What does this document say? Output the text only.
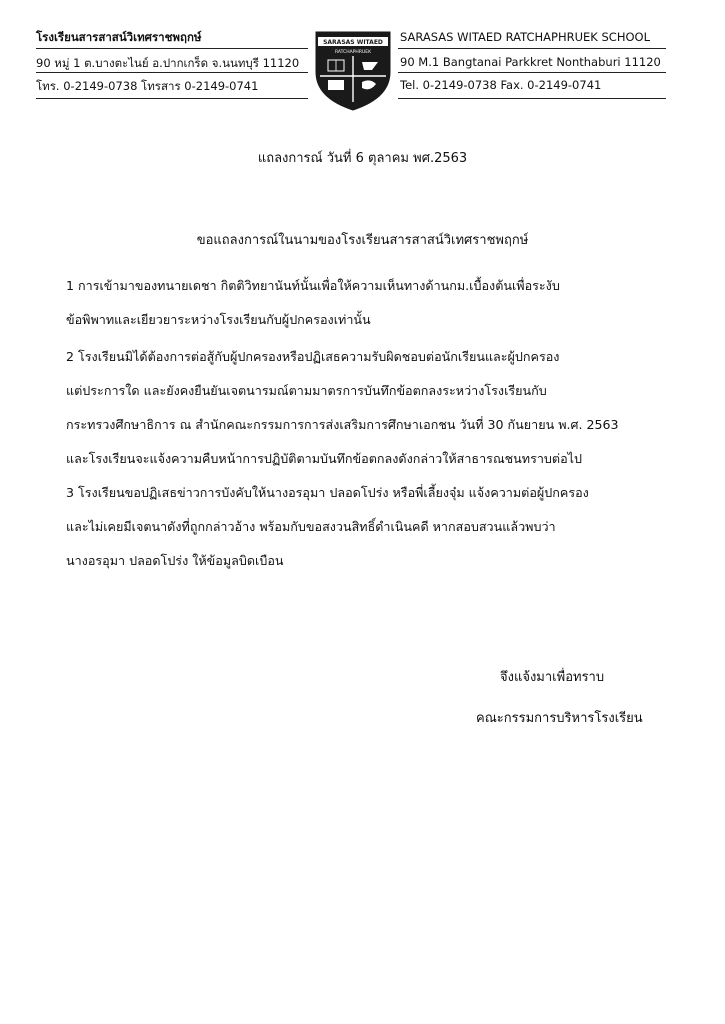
โรงเรียนสารสาสน์วิเทศราชพฤกษ์
90 หมู่ 1 ต.บางตะไนย์ อ.ปากเกร็ด จ.นนทบุรี 11120
โทร. 0-2149-0738 โทรสาร 0-2149-0741
SARASAS WITAED RATCHAPHRUEK SCHOOL
90 M.1 Bangtanai Parkkret Nonthaburi 11120
Tel. 0-2149-0738 Fax. 0-2149-0741
SARASAS WITAED
RATCHAPHRUEK
แถลงการณ์ วันที่ 6 ตุลาคม พศ.2563
ขอแถลงการณ์ในนามของโรงเรียนสารสาสน์วิเทศราชพฤกษ์

1 การเข้ามาของทนายเดชา กิตติวิทยานันท์นั้นเพื่อให้ความเห็นทางด้านกม.เบื้องต้นเพื่อระงับ
ข้อพิพาทและเยียวยาระหว่างโรงเรียนกับผู้ปกครองเท่านั้น

2 โรงเรียนมิได้ต้องการต่อสู้กับผู้ปกครองหรือปฏิเสธความรับผิดชอบต่อนักเรียนและผู้ปกครอง
แต่ประการใด และยังคงยืนยันเจตนารมณ์ตามมาตรการบันทึกข้อตกลงระหว่างโรงเรียนกับ
กระทรวงศึกษาธิการ ณ สำนักคณะกรรมการการส่งเสริมการศึกษาเอกชน วันที่ 30 กันยายน พ.ศ. 2563
และโรงเรียนจะแจ้งความคืบหน้าการปฏิบัติตามบันทึกข้อตกลงดังกล่าวให้สาธารณชนทราบต่อไป

3 โรงเรียนขอปฏิเสธข่าวการบังคับให้นางอรอุมา ปลอดโปร่ง หรือพี่เลี้ยงจุ๋ม แจ้งความต่อผู้ปกครอง
และไม่เคยมีเจตนาดังที่ถูกกล่าวอ้าง พร้อมกับขอสงวนสิทธิ์ดำเนินคดี หากสอบสวนแล้วพบว่า
นางอรอุมา ปลอดโปร่ง ให้ข้อมูลบิดเบือน

จึงแจ้งมาเพื่อทราบ
คณะกรรมการบริหารโรงเรียน
